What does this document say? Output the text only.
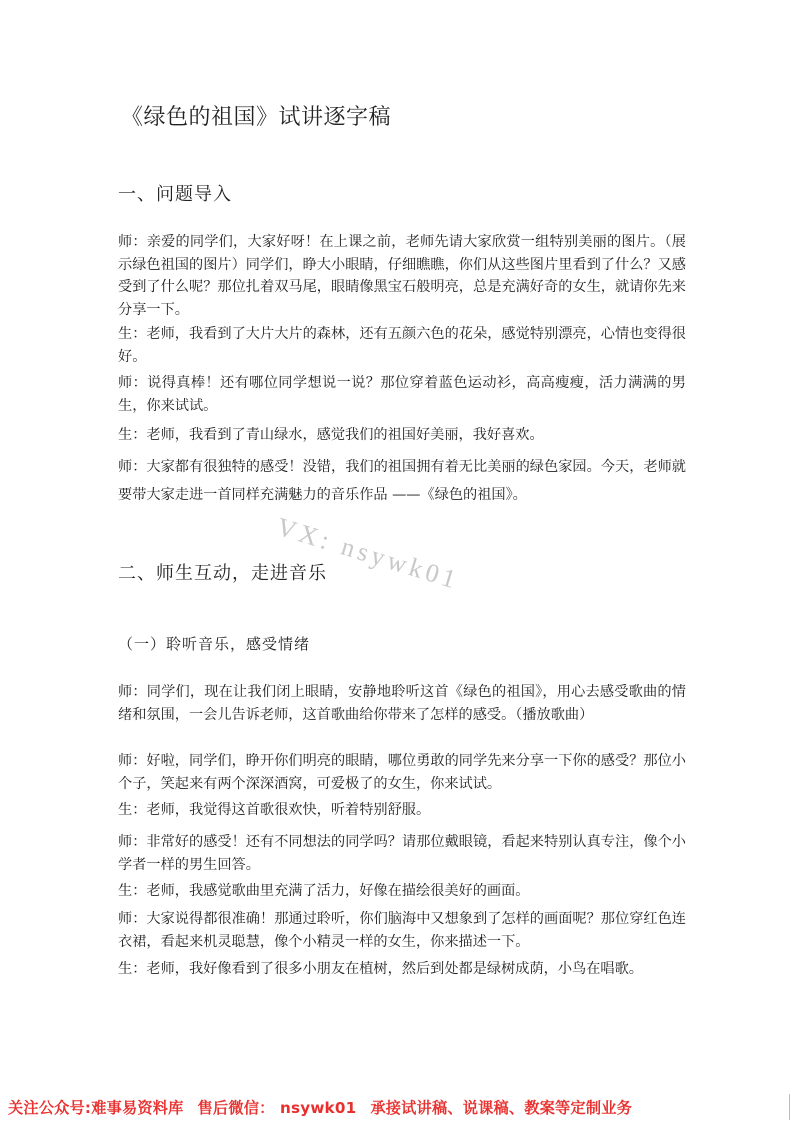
《绿色的祖国》试讲逐字稿
一、问题导入
师：亲爱的同学们，大家好呀！在上课之前，老师先请大家欣赏一组特别美丽的图片。（展示绿色祖国的图片）同学们，睁大小眼睛，仔细瞧瞧，你们从这些图片里看到了什么？又感受到了什么呢？那位扎着双马尾，眼睛像黑宝石般明亮，总是充满好奇的女生，就请你先来分享一下。
生：老师，我看到了大片大片的森林，还有五颜六色的花朵，感觉特别漂亮，心情也变得很好。
师：说得真棒！还有哪位同学想说一说？那位穿着蓝色运动衫，高高瘦瘦，活力满满的男生，你来试试。
生：老师，我看到了青山绿水，感觉我们的祖国好美丽，我好喜欢。
师：大家都有很独特的感受！没错，我们的祖国拥有着无比美丽的绿色家园。今天，老师就要带大家走进一首同样充满魅力的音乐作品 ——《绿色的祖国》。
VX: nsywk01
二、师生互动，走进音乐
（一）聆听音乐，感受情绪
师：同学们，现在让我们闭上眼睛，安静地聆听这首《绿色的祖国》，用心去感受歌曲的情绪和氛围，一会儿告诉老师，这首歌曲给你带来了怎样的感受。（播放歌曲）
师：好啦，同学们，睁开你们明亮的眼睛，哪位勇敢的同学先来分享一下你的感受？那位小个子，笑起来有两个深深酒窝，可爱极了的女生，你来试试。
生：老师，我觉得这首歌很欢快，听着特别舒服。
师：非常好的感受！还有不同想法的同学吗？请那位戴眼镜，看起来特别认真专注，像个小学者一样的男生回答。
生：老师，我感觉歌曲里充满了活力，好像在描绘很美好的画面。
师：大家说得都很准确！那通过聆听，你们脑海中又想象到了怎样的画面呢？那位穿红色连衣裙，看起来机灵聪慧，像个小精灵一样的女生，你来描述一下。
生：老师，我好像看到了很多小朋友在植树，然后到处都是绿树成荫，小鸟在唱歌。
关注公众号:难事易资料库 售后微信： nsywk01 承接试讲稿、说课稿、教案等定制业务
